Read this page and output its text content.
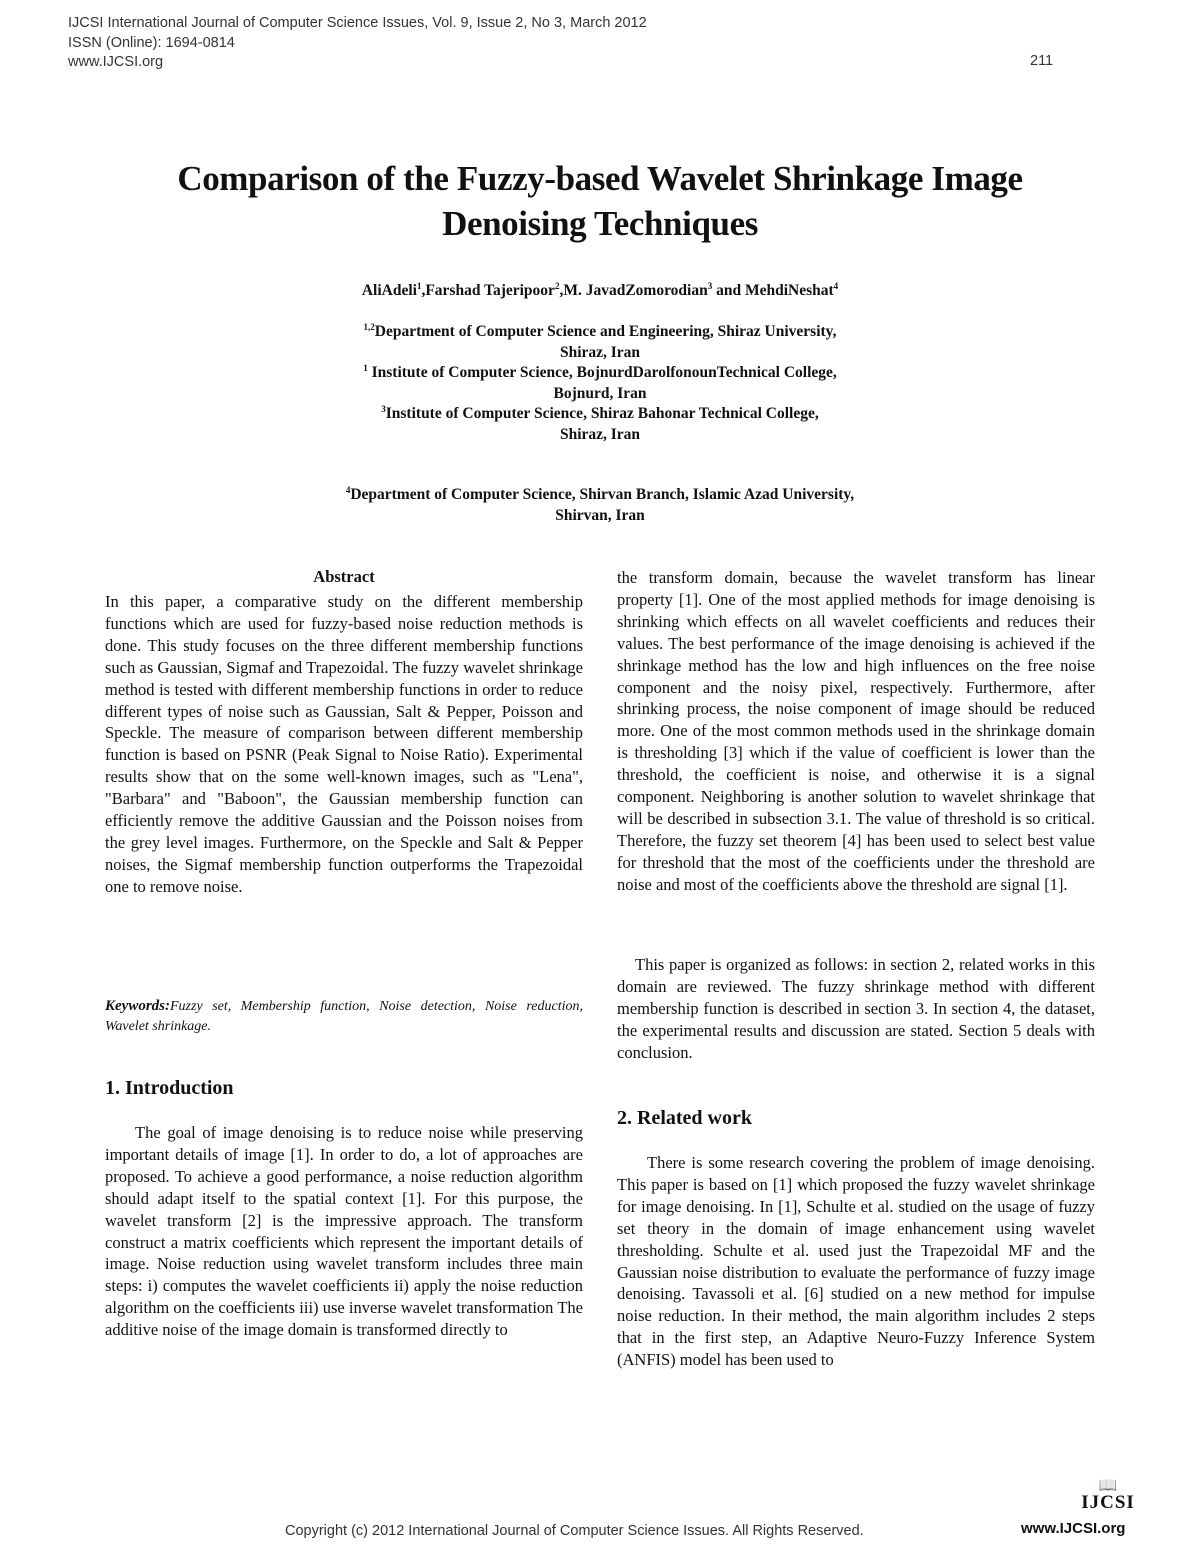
IJCSI International Journal of Computer Science Issues, Vol. 9, Issue 2, No 3, March 2012
ISSN (Online): 1694-0814
www.IJCSI.org	211
Comparison of the Fuzzy-based Wavelet Shrinkage Image
Denoising Techniques
AliAdeli$^1$,Farshad Tajeripoor$^2$,M. JavadZomorodian$^3$ and MehdiNeshat$^4$
$^{1,2}$Department of Computer Science and Engineering, Shiraz University,
Shiraz, Iran
$^1$ Institute of Computer Science, BojnurdDarolfonounTechnical College,
Bojnurd, Iran
$^3$Institute of Computer Science, Shiraz Bahonar Technical College,
Shiraz, Iran
$^4$Department of Computer Science, Shirvan Branch, Islamic Azad University,
Shirvan, Iran
Abstract

In this paper, a comparative study on the different membership functions which are used for fuzzy-based noise reduction methods is done. This study focuses on the three different membership functions such as Gaussian, Sigmaf and Trapezoidal. The fuzzy wavelet shrinkage method is tested with different membership functions in order to reduce different types of noise such as Gaussian, Salt & Pepper, Poisson and Speckle. The measure of comparison between different membership function is based on PSNR (Peak Signal to Noise Ratio). Experimental results show that on the some well-known images, such as "Lena", "Barbara" and "Baboon", the Gaussian membership function can efficiently remove the additive Gaussian and the Poisson noises from the grey level images. Furthermore, on the Speckle and Salt & Pepper noises, the Sigmaf membership function outperforms the Trapezoidal one to remove noise.

Keywords:Fuzzy set, Membership function, Noise detection, Noise reduction, Wavelet shrinkage.
1. Introduction

The goal of image denoising is to reduce noise while preserving important details of image [1]. In order to do, a lot of approaches are proposed. To achieve a good performance, a noise reduction algorithm should adapt itself to the spatial context [1]. For this purpose, the wavelet transform [2] is the impressive approach. The transform construct a matrix coefficients which represent the important details of image. Noise reduction using wavelet transform includes three main steps: i) computes the wavelet coefficients ii) apply the noise reduction algorithm on the coefficients iii) use inverse wavelet transformation The additive noise of the image domain is transformed directly to

the transform domain, because the wavelet transform has linear property [1]. One of the most applied methods for image denoising is shrinking which effects on all wavelet coefficients and reduces their values. The best performance of the image denoising is achieved if the shrinkage method has the low and high influences on the free noise component and the noisy pixel, respectively. Furthermore, after shrinking process, the noise component of image should be reduced more. One of the most common methods used in the shrinkage domain is thresholding [3] which if the value of coefficient is lower than the threshold, the coefficient is noise, and otherwise it is a signal component. Neighboring is another solution to wavelet shrinkage that will be described in subsection 3.1. The value of threshold is so critical. Therefore, the fuzzy set theorem [4] has been used to select best value for threshold that the most of the coefficients under the threshold are noise and most of the coefficients above the threshold are signal [1].

This paper is organized as follows: in section 2, related works in this domain are reviewed. The fuzzy shrinkage method with different membership function is described in section 3. In section 4, the dataset, the experimental results and discussion are stated. Section 5 deals with conclusion.

2. Related work

There is some research covering the problem of image denoising. This paper is based on [1] which proposed the fuzzy wavelet shrinkage for image denoising. In [1], Schulte et al. studied on the usage of fuzzy set theory in the domain of image enhancement using wavelet thresholding. Schulte et al. used just the Trapezoidal MF and the Gaussian noise distribution to evaluate the performance of fuzzy image denoising. Tavassoli et al. [6] studied on a new method for impulse noise reduction. In their method, the main algorithm includes 2 steps that in the first step, an Adaptive Neuro-Fuzzy Inference System (ANFIS) model has been used to

Copyright (c) 2012 International Journal of Computer Science Issues. All Rights Reserved.
📖
IJCSI
www.IJCSI.org
